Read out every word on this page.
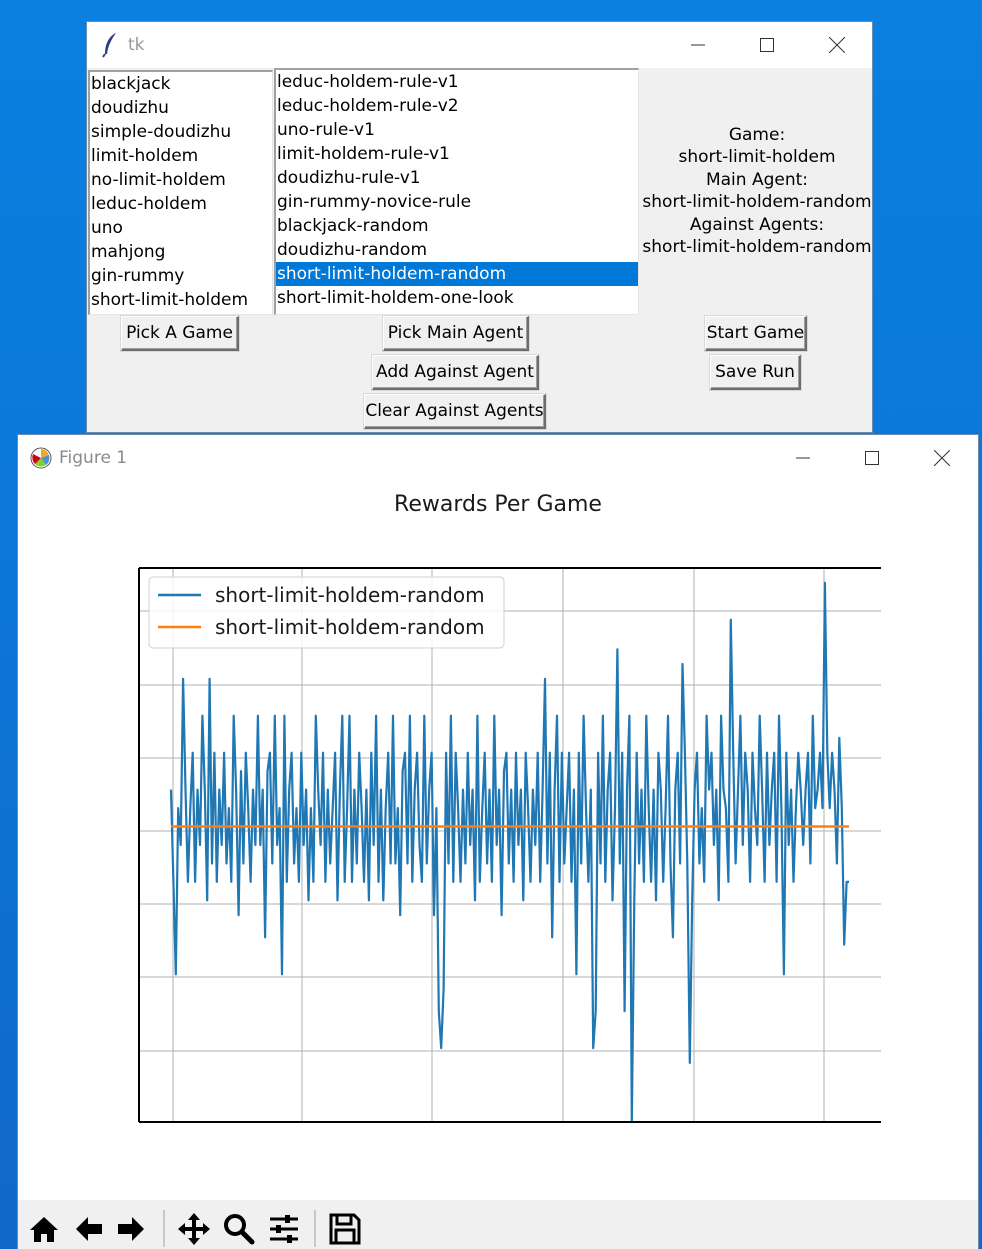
tk
blackjack
doudizhu
simple-doudizhu
limit-holdem
no-limit-holdem
leduc-holdem
uno
mahjong
gin-rummy
short-limit-holdem
leduc-holdem-rule-v1
leduc-holdem-rule-v2
uno-rule-v1
limit-holdem-rule-v1
doudizhu-rule-v1
gin-rummy-novice-rule
blackjack-random
doudizhu-random
short-limit-holdem-random
short-limit-holdem-one-look
Game:
short-limit-holdem
Main Agent:
short-limit-holdem-random
Against Agents:
short-limit-holdem-random
Pick A Game	Pick Main Agent
Add Against Agent
Clear Against Agents
Start Game
Save Run
Figure 1
Rewards Per Game
short-limit-holdem-random
short-limit-holdem-random
